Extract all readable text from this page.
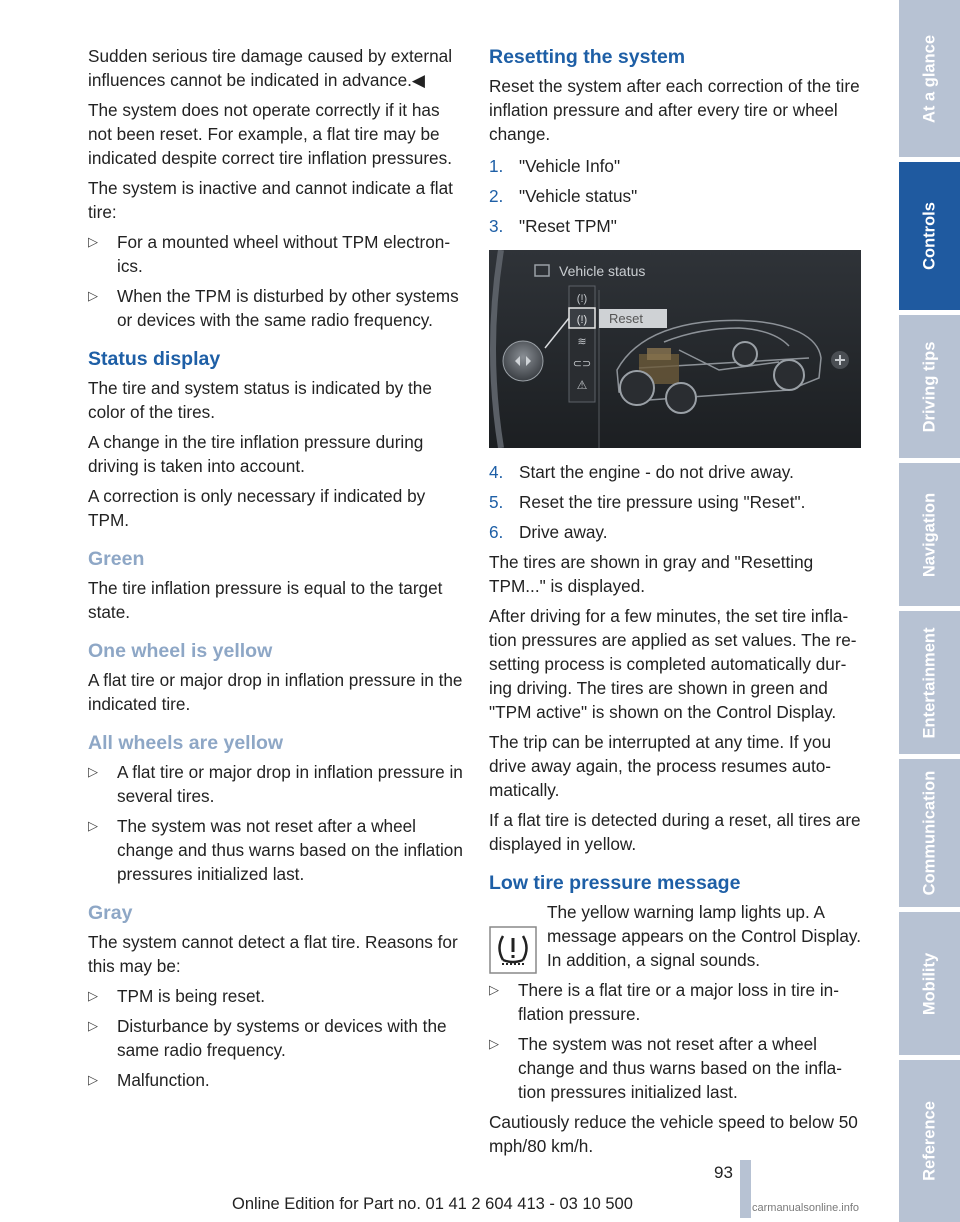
Sudden serious tire damage caused by external influences cannot be indicated in advance.◀

The system does not operate correctly if it has not been reset. For example, a flat tire may be indicated despite correct tire inflation pressures.

The system is inactive and cannot indicate a flat tire:

▷ For a mounted wheel without TPM electronics.
▷ When the TPM is disturbed by other systems or devices with the same radio frequency.
Status display

The tire and system status is indicated by the color of the tires.

A change in the tire inflation pressure during driving is taken into account.

A correction is only necessary if indicated by TPM.

Green

The tire inflation pressure is equal to the target state.

One wheel is yellow

A flat tire or major drop in inflation pressure in the indicated tire.

All wheels are yellow
▷ A flat tire or major drop in inflation pressure in several tires.
▷ The system was not reset after a wheel change and thus warns based on the inflation pressures initialized last.
Gray

The system cannot detect a flat tire. Reasons for this may be:

▷ TPM is being reset.
▷ Disturbance by systems or devices with the same radio frequency.
▷ Malfunction.
Resetting the system

Reset the system after each correction of the tire inflation pressure and after every tire or wheel change.

1. "Vehicle Info"
2. "Vehicle status"
3. "Reset TPM"
Vehicle status
(!)
(!)
≋
⊂⊃
⚠
Reset
4. Start the engine - do not drive away.
5. Reset the tire pressure using "Reset".
6. Drive away.

The tires are shown in gray and "Resetting TPM..." is displayed.

After driving for a few minutes, the set tire inflation pressures are applied as set values. The resetting process is completed automatically during driving. The tires are shown in green and "TPM active" is shown on the Control Display.

The trip can be interrupted at any time. If you drive away again, the process resumes automatically.

If a flat tire is detected during a reset, all tires are displayed in yellow.

Low tire pressure message

The yellow warning lamp lights up. A message appears on the Control Display. In addition, a signal sounds.

▷ There is a flat tire or a major loss in tire inflation pressure.
▷ The system was not reset after a wheel change and thus warns based on the inflation pressures initialized last.

Cautiously reduce the vehicle speed to below 50 mph/80 km/h.

At a glance
Controls
Driving tips
Navigation
Entertainment
Communication
Mobility
Reference
93
Online Edition for Part no. 01 41 2 604 413 - 03 10 500	carmanualsonline.info
